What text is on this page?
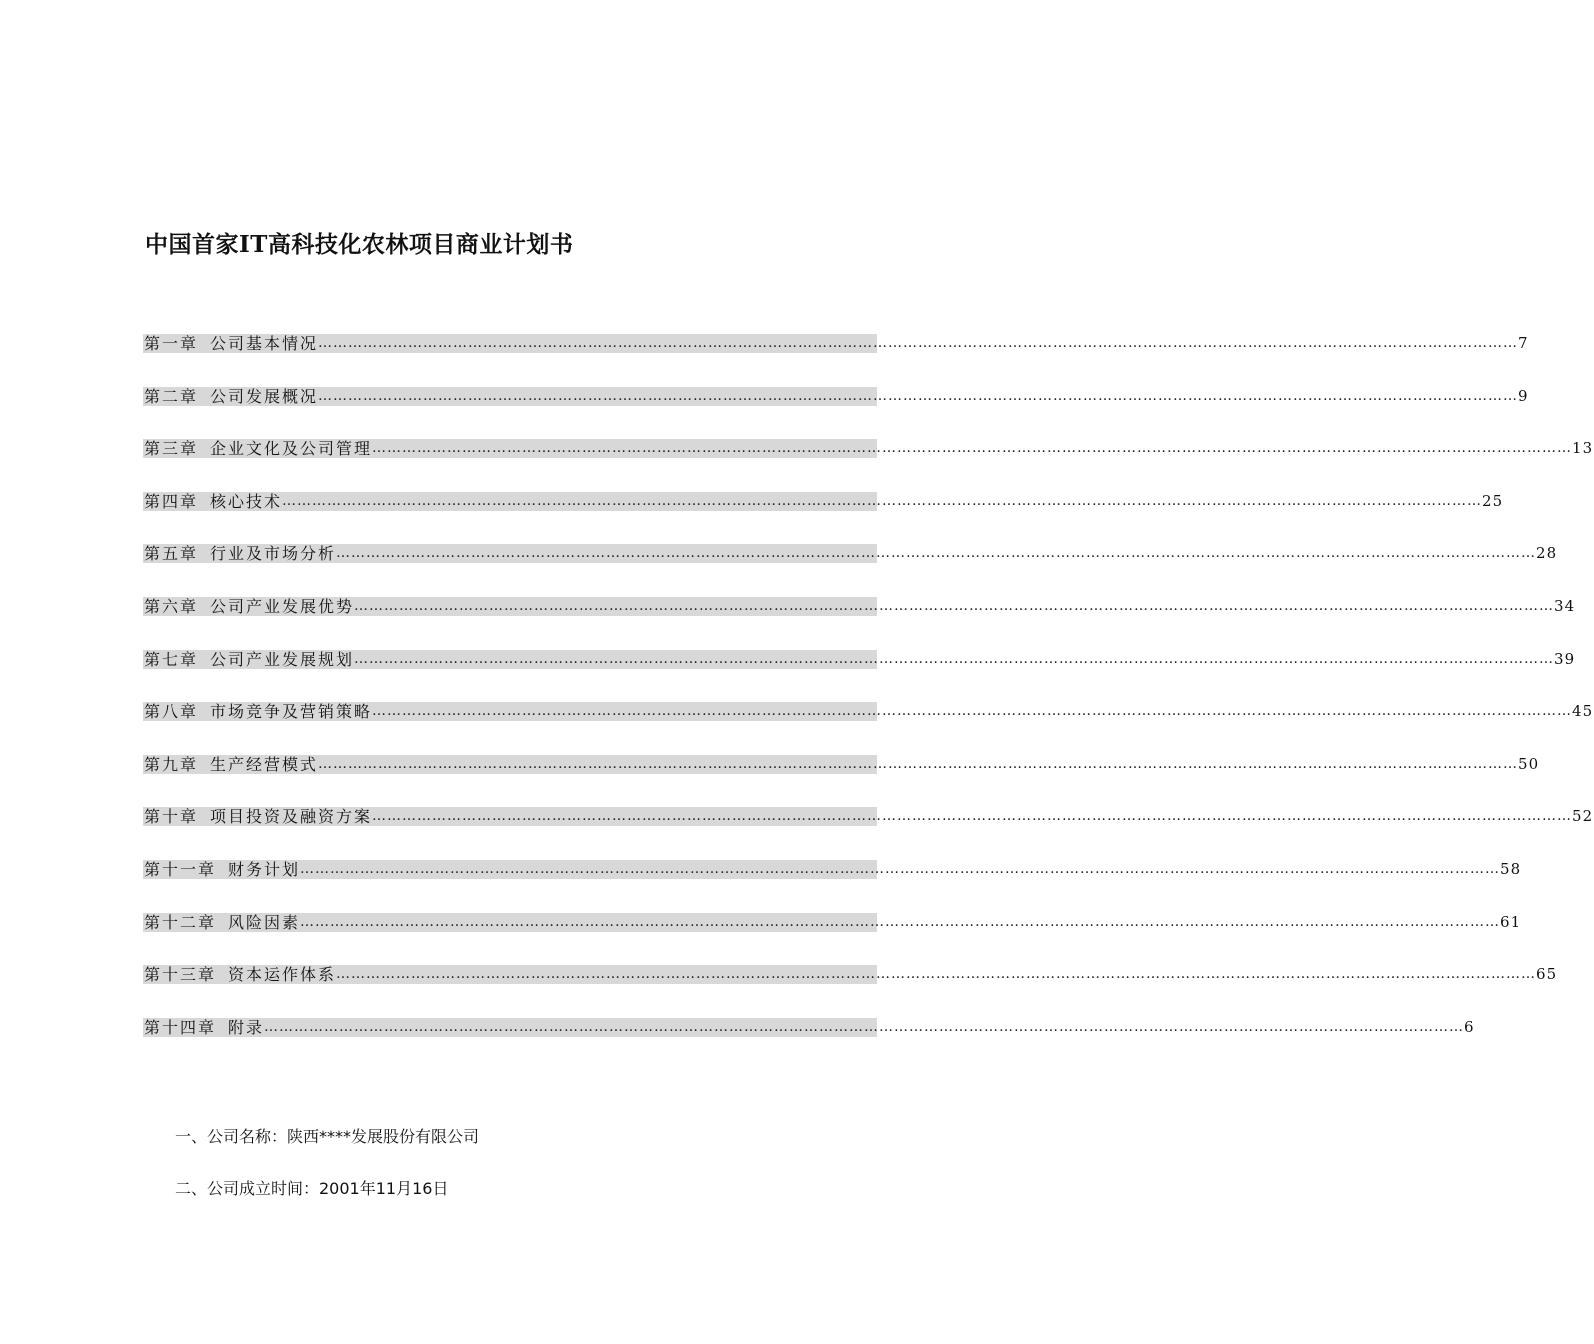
中国首家IT高科技化农林项目商业计划书
第一章 公司基本情况 …………………………………………………………………………………………………………………………………………………………………………………………………………………… 7
第二章 公司发展概况 …………………………………………………………………………………………………………………………………………………………………………………………………………………… 9
第三章 企业文化及公司管理 …………………………………………………………………………………………………………………………………………………………………………………………………………………… 13
第四章 核心技术 …………………………………………………………………………………………………………………………………………………………………………………………………………………… 25
第五章 行业及市场分析 …………………………………………………………………………………………………………………………………………………………………………………………………………………… 28
第六章 公司产业发展优势 …………………………………………………………………………………………………………………………………………………………………………………………………………………… 34
第七章 公司产业发展规划 …………………………………………………………………………………………………………………………………………………………………………………………………………………… 39
第八章 市场竞争及营销策略 …………………………………………………………………………………………………………………………………………………………………………………………………………………… 45
第九章 生产经营模式 …………………………………………………………………………………………………………………………………………………………………………………………………………………… 50
第十章 项目投资及融资方案 …………………………………………………………………………………………………………………………………………………………………………………………………………………… 52
第十一章 财务计划 …………………………………………………………………………………………………………………………………………………………………………………………………………………… 58
第十二章 风险因素 …………………………………………………………………………………………………………………………………………………………………………………………………………………… 61
第十三章 资本运作体系 …………………………………………………………………………………………………………………………………………………………………………………………………………………… 65
第十四章 附录 …………………………………………………………………………………………………………………………………………………………………………………………………………………… 6

一、公司名称：陕西****发展股份有限公司

二、公司成立时间：2001年11月16日
